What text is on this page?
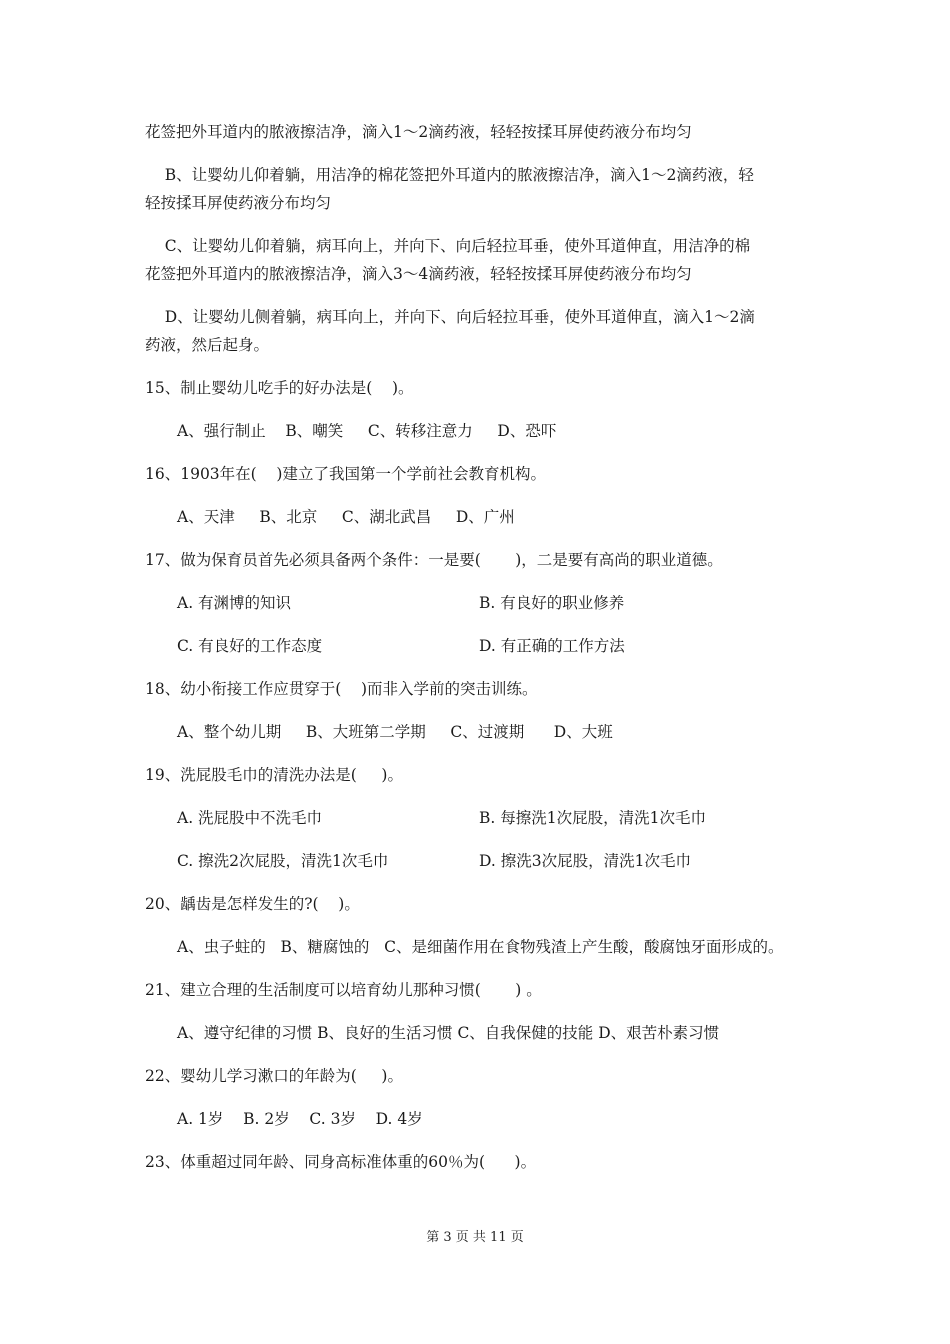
花签把外耳道内的脓液擦洁净，滴入1～2滴药液，轻轻按揉耳屏使药液分布均匀
B、让婴幼儿仰着躺，用洁净的棉花签把外耳道内的脓液擦洁净，滴入1～2滴药液，轻
轻按揉耳屏使药液分布均匀
C、让婴幼儿仰着躺，病耳向上，并向下、向后轻拉耳垂，使外耳道伸直，用洁净的棉
花签把外耳道内的脓液擦洁净，滴入3～4滴药液，轻轻按揉耳屏使药液分布均匀
D、让婴幼儿侧着躺，病耳向上，并向下、向后轻拉耳垂，使外耳道伸直，滴入1～2滴
药液，然后起身。
15、制止婴幼儿吃手的好办法是(    )。
A、强行制止    B、嘲笑     C、转移注意力     D、恐吓
16、1903年在(    )建立了我国第一个学前社会教育机构。
A、天津     B、北京     C、湖北武昌     D、广州
17、做为保育员首先必须具备两个条件：一是要(       )，二是要有高尚的职业道德。
A. 有渊博的知识	B. 有良好的职业修养
C. 有良好的工作态度	D. 有正确的工作方法
18、幼小衔接工作应贯穿于(    )而非入学前的突击训练。
A、整个幼儿期     B、大班第二学期     C、过渡期      D、大班
19、洗屁股毛巾的清洗办法是(     )。
A. 洗屁股中不洗毛巾	B. 每擦洗1次屁股，清洗1次毛巾
C. 擦洗2次屁股，清洗1次毛巾	D. 擦洗3次屁股，清洗1次毛巾
20、龋齿是怎样发生的?(    )。
A、虫子蛀的   B、糖腐蚀的   C、是细菌作用在食物残渣上产生酸，酸腐蚀牙面形成的。
21、建立合理的生活制度可以培育幼儿那种习惯(       ) 。
A、遵守纪律的习惯 B、良好的生活习惯 C、自我保健的技能 D、艰苦朴素习惯
22、婴幼儿学习漱口的年龄为(     )。
A. 1岁    B. 2岁    C. 3岁    D. 4岁
23、体重超过同年龄、同身高标准体重的60％为(      )。
第 3 页 共 11 页
